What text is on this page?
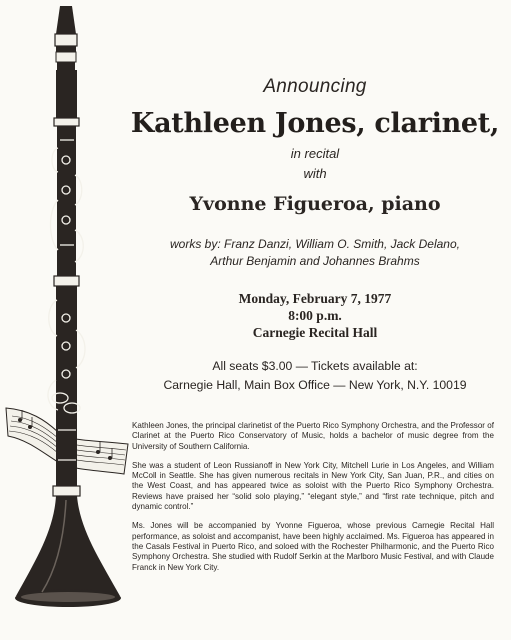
Announcing
Kathleen Jones, clarinet,
in recital
with
Yvonne Figueroa, piano
works by: Franz Danzi, William O. Smith, Jack Delano,
Arthur Benjamin and Johannes Brahms
Monday, February 7, 1977
8:00 p.m.
Carnegie Recital Hall
All seats $3.00 — Tickets available at:
Carnegie Hall, Main Box Office — New York, N.Y. 10019

Kathleen Jones, the principal clarinetist of the Puerto Rico Symphony Orchestra, and the Professor of Clarinet at the Puerto Rico Conservatory of Music, holds a bachelor of music degree from the University of Southern California.

She was a student of Leon Russianoff in New York City, Mitchell Lurie in Los Angeles, and William McColl in Seattle. She has given numerous recitals in New York City, San Juan, P.R., and cities on the West Coast, and has appeared twice as soloist with the Puerto Rico Symphony Orchestra. Reviews have praised her “solid solo playing,” “elegant style,” and “first rate technique, pitch and dynamic control.”

Ms. Jones will be accompanied by Yvonne Figueroa, whose previous Carnegie Recital Hall performance, as soloist and accompanist, have been highly acclaimed. Ms. Figueroa has appeared in the Casals Festival in Puerto Rico, and soloed with the Rochester Philharmonic, and the Puerto Rico Symphony Orchestra. She studied with Rudolf Serkin at the Marlboro Music Festival, and with Claude Franck in New York City.
